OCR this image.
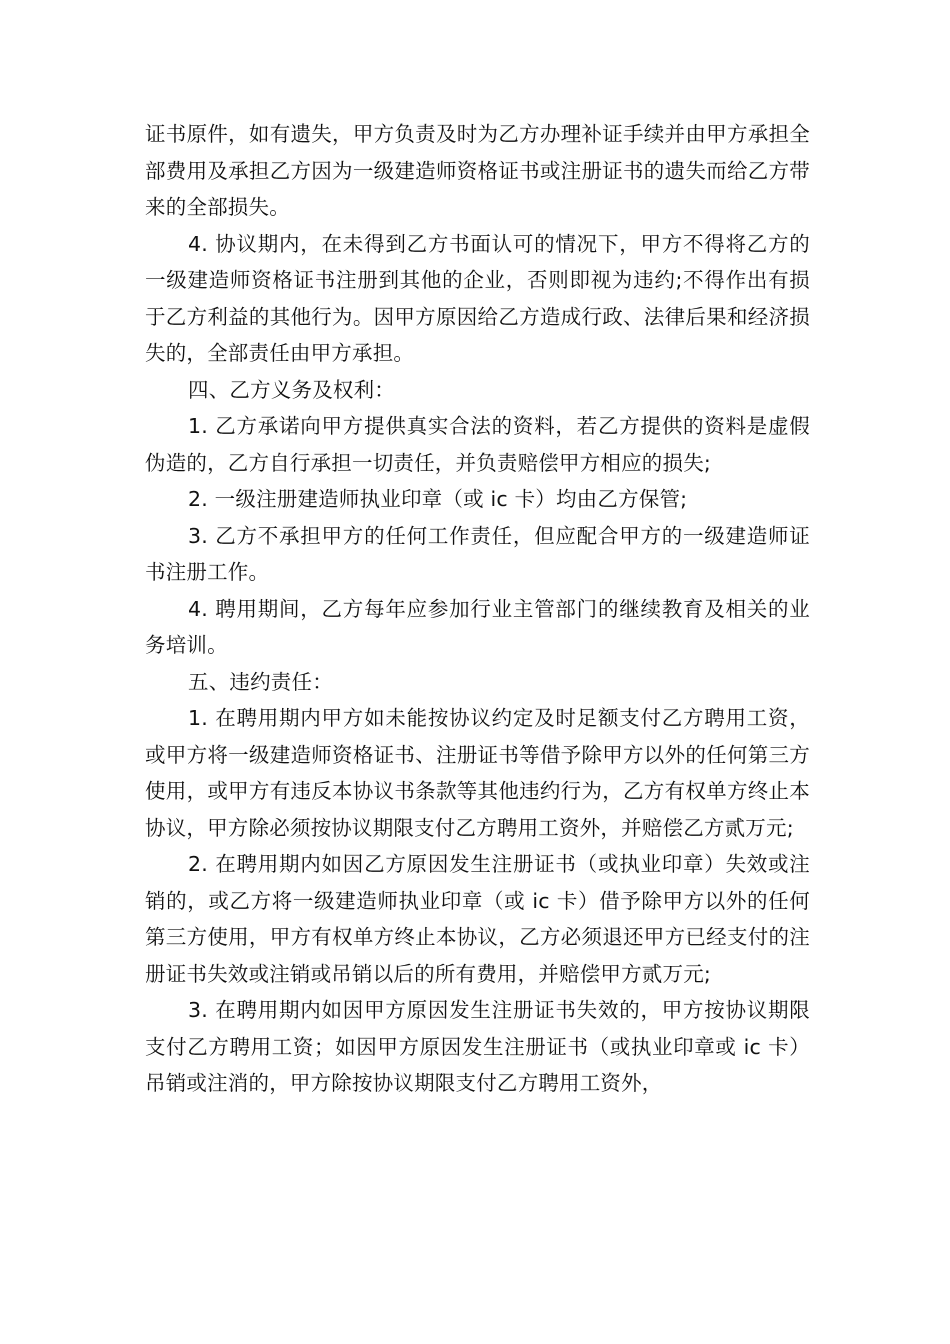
证书原件，如有遗失，甲方负责及时为乙方办理补证手续并由甲方承担全部费用及承担乙方因为一级建造师资格证书或注册证书的遗失而给乙方带来的全部损失。

4. 协议期内，在未得到乙方书面认可的情况下，甲方不得将乙方的一级建造师资格证书注册到其他的企业，否则即视为违约;不得作出有损于乙方利益的其他行为。因甲方原因给乙方造成行政、法律后果和经济损失的，全部责任由甲方承担。

四、乙方义务及权利：

1. 乙方承诺向甲方提供真实合法的资料，若乙方提供的资料是虚假伪造的，乙方自行承担一切责任，并负责赔偿甲方相应的损失;

2. 一级注册建造师执业印章（或 ic 卡）均由乙方保管;

3. 乙方不承担甲方的任何工作责任，但应配合甲方的一级建造师证书注册工作。

4. 聘用期间，乙方每年应参加行业主管部门的继续教育及相关的业务培训。

五、违约责任：

1. 在聘用期内甲方如未能按协议约定及时足额支付乙方聘用工资，或甲方将一级建造师资格证书、注册证书等借予除甲方以外的任何第三方使用，或甲方有违反本协议书条款等其他违约行为，乙方有权单方终止本协议，甲方除必须按协议期限支付乙方聘用工资外，并赔偿乙方贰万元;

2. 在聘用期内如因乙方原因发生注册证书（或执业印章）失效或注销的，或乙方将一级建造师执业印章（或 ic 卡）借予除甲方以外的任何第三方使用，甲方有权单方终止本协议，乙方必须退还甲方已经支付的注册证书失效或注销或吊销以后的所有费用，并赔偿甲方贰万元;

3. 在聘用期内如因甲方原因发生注册证书失效的，甲方按协议期限支付乙方聘用工资；如因甲方原因发生注册证书（或执业印章或 ic 卡）吊销或注消的，甲方除按协议期限支付乙方聘用工资外，
